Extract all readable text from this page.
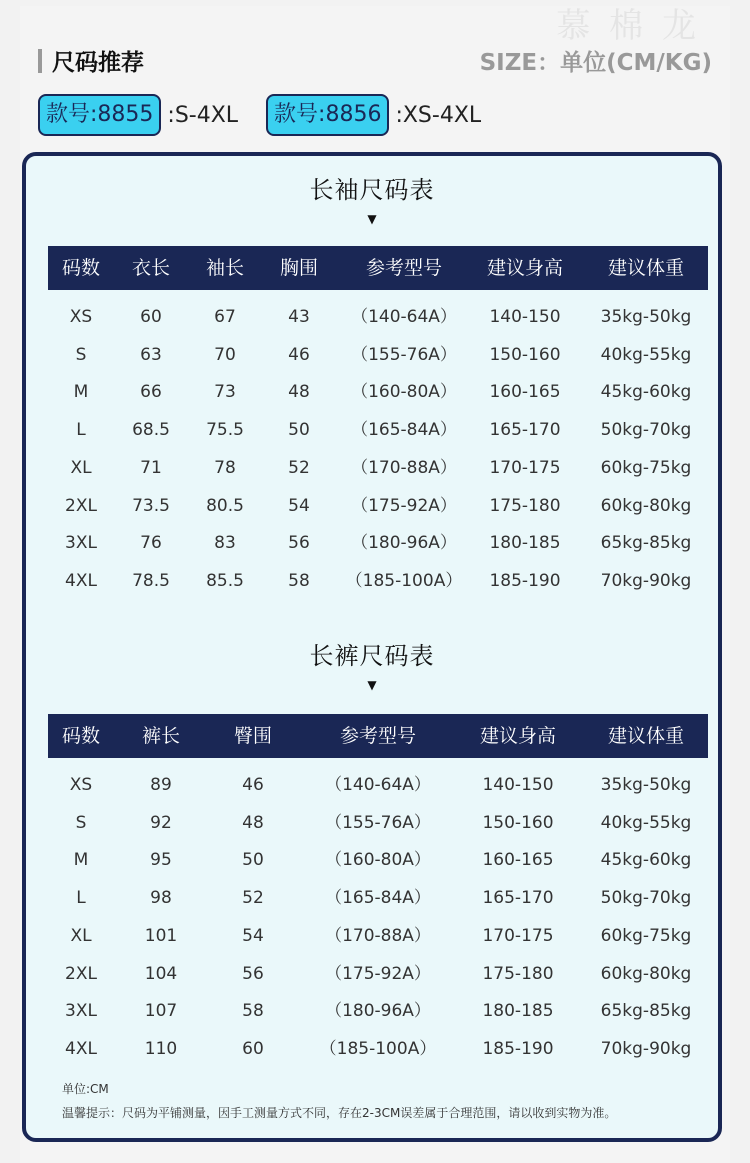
慕 棉 龙
尺码推荐	SIZE：单位(CM/KG)
款号:8855 :S-4XL	款号:8856 :XS-4XL
长袖尺码表
▼
码数 衣长 袖长 胸围	参考型号 建议身高 建议体重
XS	60	67	43 （140-64A） 140-150 35kg-50kg
S	63	70	46 （155-76A） 150-160 40kg-55kg
M	66	73	48 （160-80A） 160-165 45kg-60kg
L	68.5 75.5	50 （165-84A） 165-170 50kg-70kg
XL	71	78	52 （170-88A） 170-175 60kg-75kg
2XL 73.5 80.5	54 （175-92A） 175-180 60kg-80kg
3XL	76	83	56 （180-96A） 180-185 65kg-85kg
4XL 78.5 85.5	58 （185-100A） 185-190 70kg-90kg
长裤尺码表
▼
码数 裤长	臀围	参考型号	建议身高	建议体重
XS	89	46	（140-64A）	140-150	35kg-50kg
S	92	48	（155-76A）	150-160	40kg-55kg
M	95	50	（160-80A）	160-165	45kg-60kg
L	98	52	（165-84A）	165-170	50kg-70kg
XL	101	54	（170-88A）	170-175	60kg-75kg
2XL	104	56	（175-92A）	175-180	60kg-80kg
3XL	107	58	（180-96A）	180-185	65kg-85kg
4XL	110	60	（185-100A）	185-190	70kg-90kg
单位:CM
温馨提示：尺码为平铺测量，因手工测量方式不同，存在2-3CM误差属于合理范围，请以收到实物为准。
